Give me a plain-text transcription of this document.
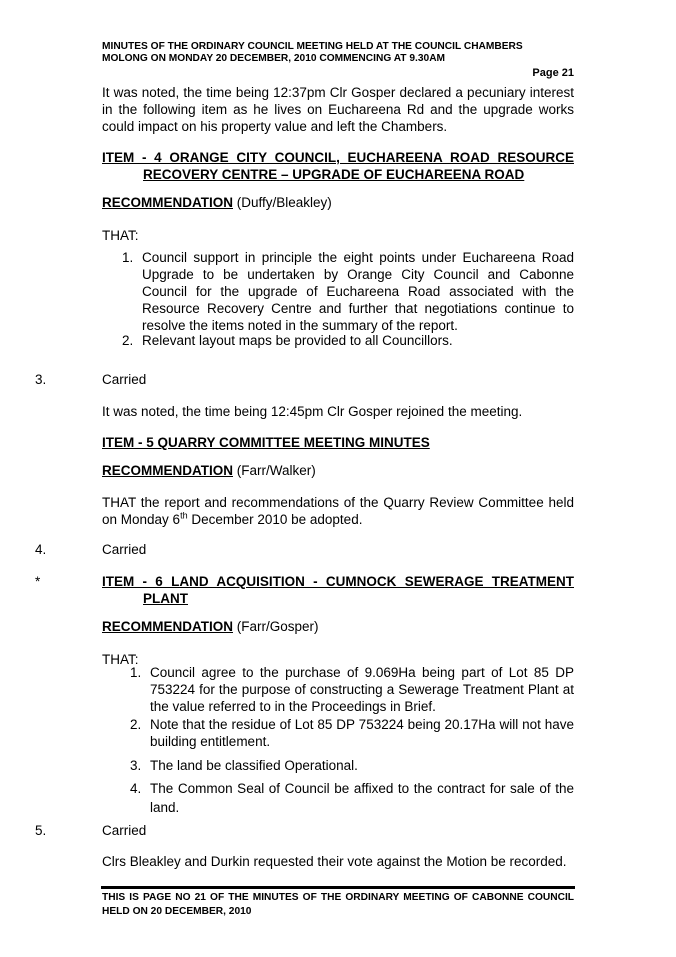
MINUTES OF THE ORDINARY COUNCIL MEETING HELD AT THE COUNCIL CHAMBERS
MOLONG ON MONDAY 20 DECEMBER, 2010 COMMENCING AT 9.30AM
Page 21
It was noted, the time being 12:37pm Clr Gosper declared a pecuniary interest in the following item as he lives on Euchareena Rd and the upgrade works could impact on his property value and left the Chambers.
ITEM - 4 ORANGE CITY COUNCIL, EUCHAREENA ROAD RESOURCE
RECOVERY CENTRE – UPGRADE OF EUCHAREENA ROAD
RECOMMENDATION (Duffy/Bleakley)
THAT:
1. Council support in principle the eight points under Euchareena Road Upgrade to be undertaken by Orange City Council and Cabonne Council for the upgrade of Euchareena Road associated with the Resource Recovery Centre and further that negotiations continue to resolve the items noted in the summary of the report.
2. Relevant layout maps be provided to all Councillors.
3.	Carried
It was noted, the time being 12:45pm Clr Gosper rejoined the meeting.
ITEM - 5 QUARRY COMMITTEE MEETING MINUTES
RECOMMENDATION (Farr/Walker)
THAT the report and recommendations of the Quarry Review Committee held on Monday 6th December 2010 be adopted.
4.	Carried
*	ITEM - 6 LAND ACQUISITION - CUMNOCK SEWERAGE TREATMENT
PLANT
RECOMMENDATION (Farr/Gosper)
THAT:
1. Council agree to the purchase of 9.069Ha being part of Lot 85 DP 753224 for the purpose of constructing a Sewerage Treatment Plant at the value referred to in the Proceedings in Brief.
2. Note that the residue of Lot 85 DP 753224 being 20.17Ha will not have building entitlement.
3. The land be classified Operational.
4. The Common Seal of Council be affixed to the contract for sale of the land.
5.	Carried
Clrs Bleakley and Durkin requested their vote against the Motion be recorded.
THIS IS PAGE NO 21 OF THE MINUTES OF THE ORDINARY MEETING OF CABONNE COUNCIL HELD ON 20 DECEMBER, 2010
